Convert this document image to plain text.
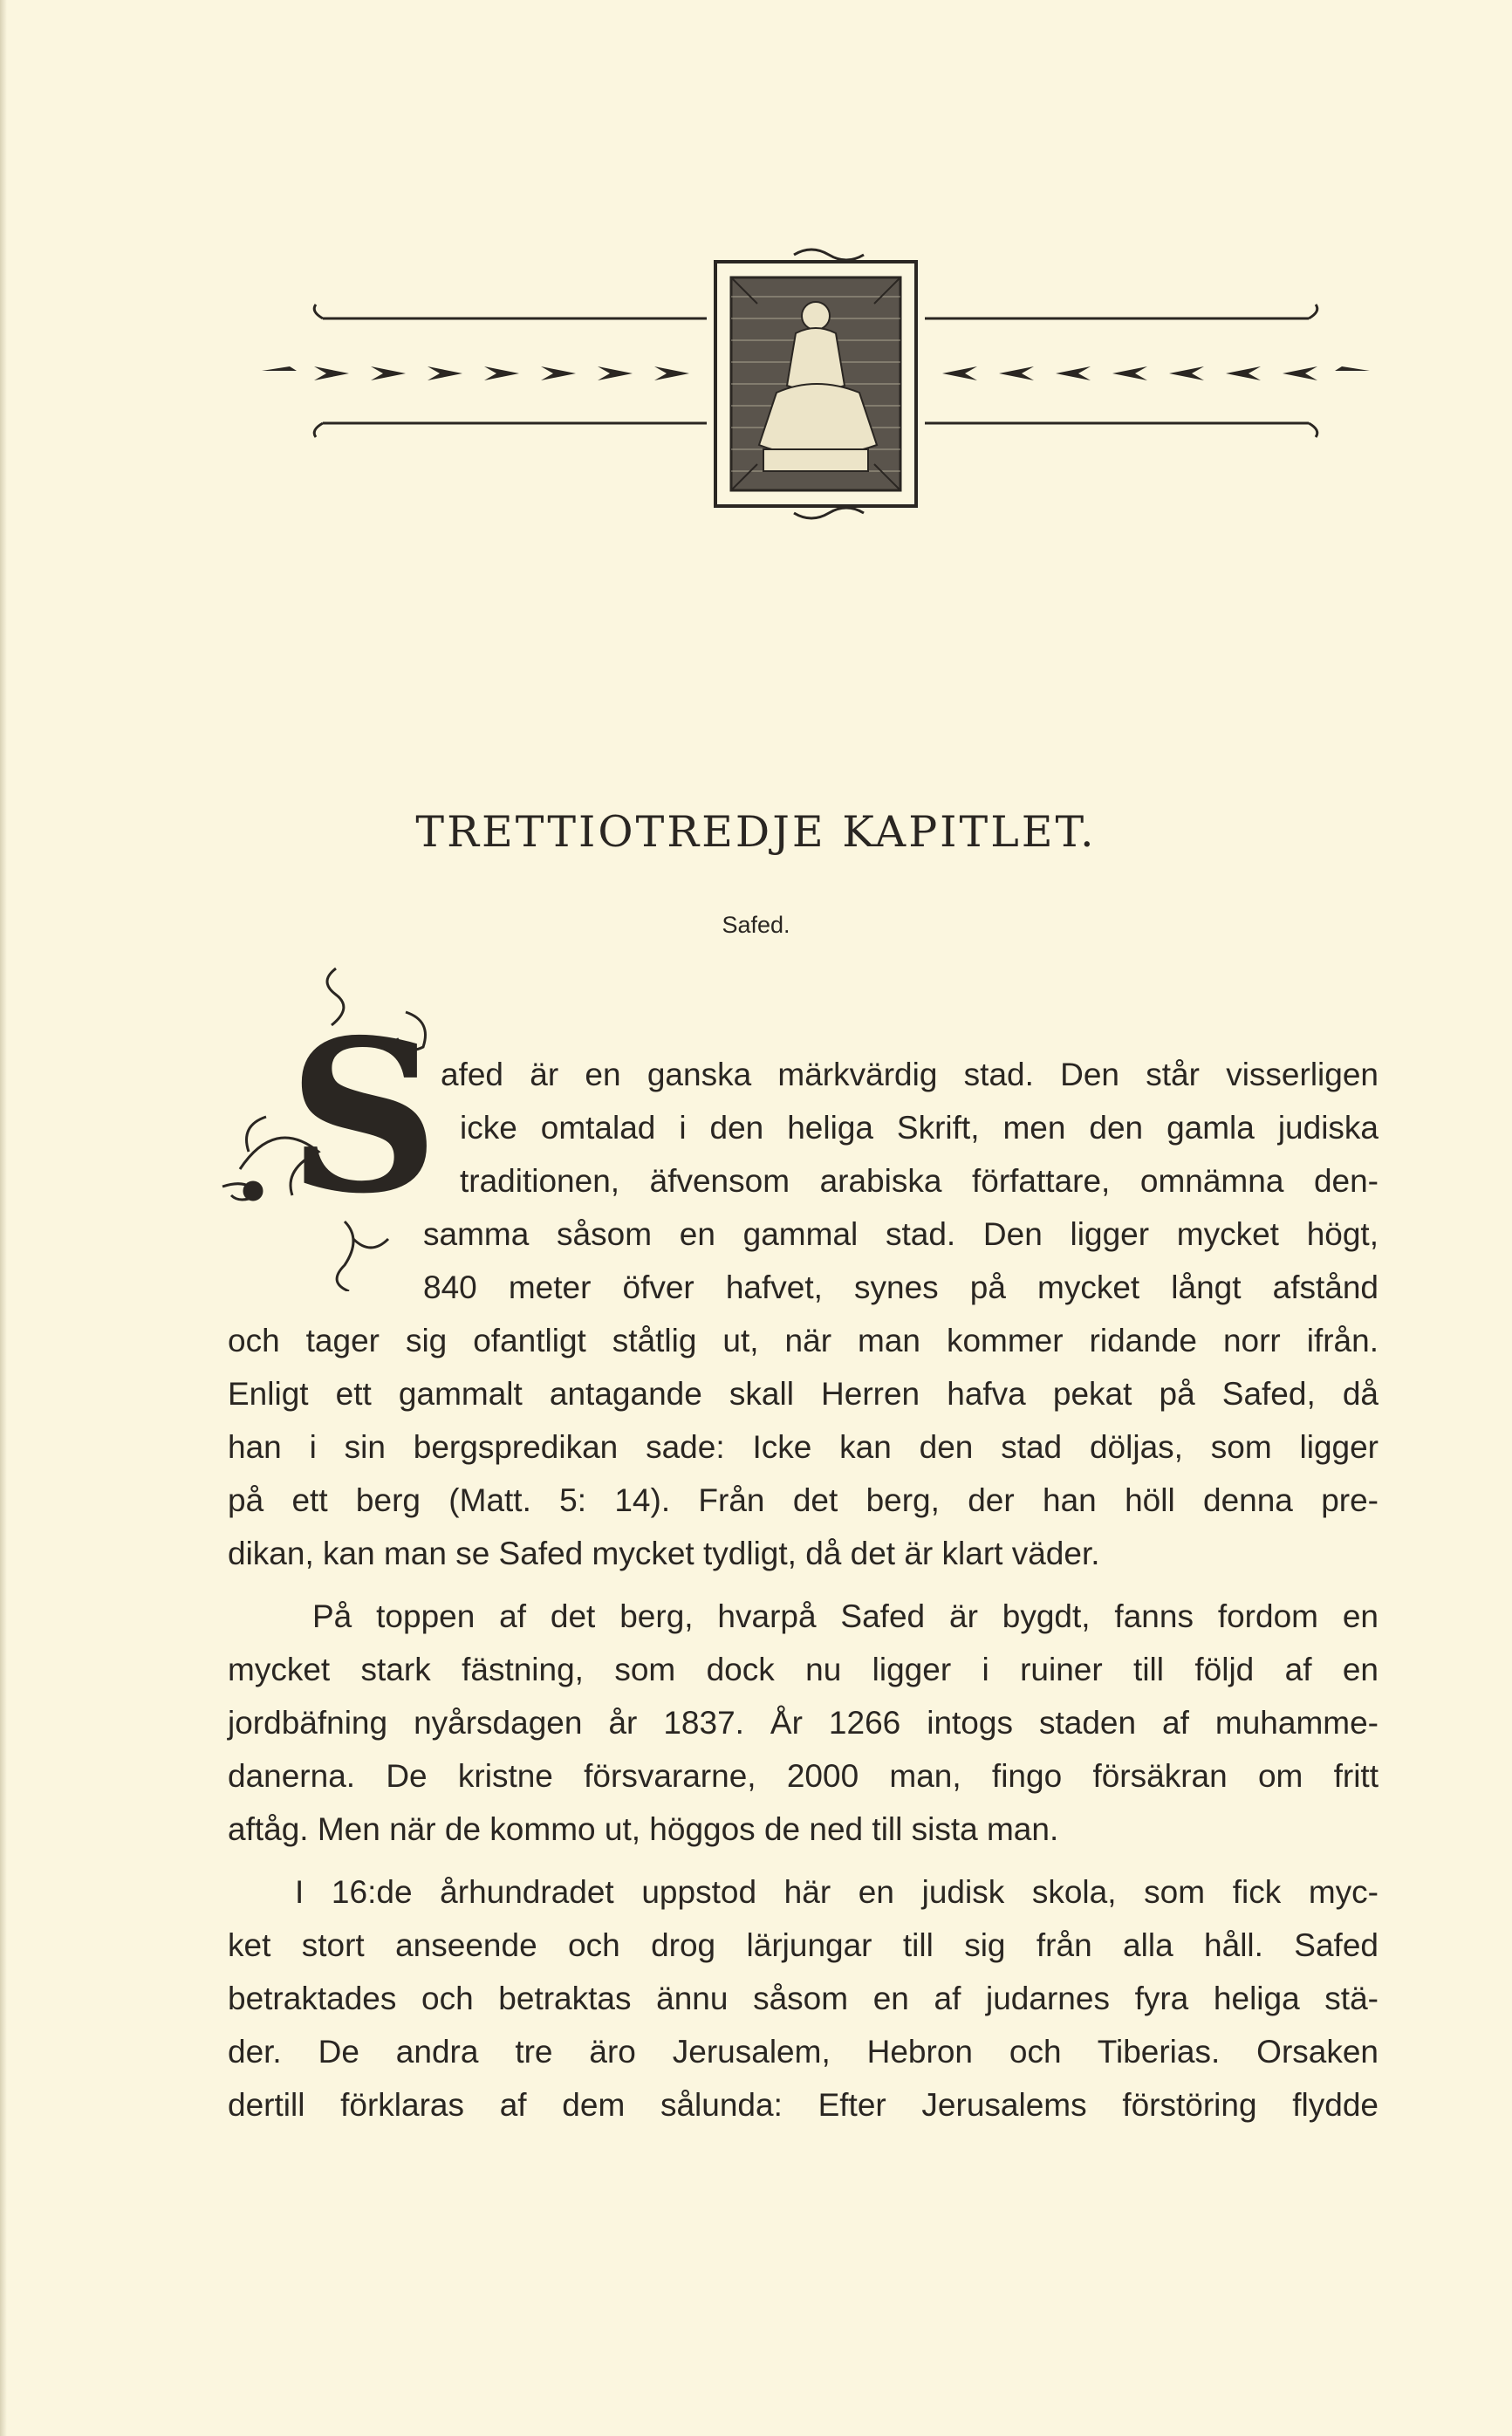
TRETTIOTREDJE KAPITLET.
Safed.
S afed är en ganska märkvärdig stad. Den står visserligen
icke omtalad i den heliga Skrift, men den gamla judiska
traditionen, äfvensom arabiska författare, omnämna den-
samma såsom en gammal stad. Den ligger mycket högt,
840 meter öfver hafvet, synes på mycket långt afstånd
och tager sig ofantligt ståtlig ut, när man kommer ridande norr ifrån.
Enligt ett gammalt antagande skall Herren hafva pekat på Safed, då
han i sin bergspredikan sade: Icke kan den stad döljas, som ligger
på ett berg (Matt. 5: 14). Från det berg, der han höll denna pre-
dikan, kan man se Safed mycket tydligt, då det är klart väder.
På toppen af det berg, hvarpå Safed är bygdt, fanns fordom en
mycket stark fästning, som dock nu ligger i ruiner till följd af en
jordbäfning nyårsdagen år 1837. År 1266 intogs staden af muhamme-
danerna. De kristne försvararne, 2000 man, fingo försäkran om fritt
aftåg. Men när de kommo ut, höggos de ned till sista man.
I 16:de århundradet uppstod här en judisk skola, som fick myc-
ket stort anseende och drog lärjungar till sig från alla håll. Safed
betraktades och betraktas ännu såsom en af judarnes fyra heliga stä-
der. De andra tre äro Jerusalem, Hebron och Tiberias. Orsaken
dertill förklaras af dem sålunda: Efter Jerusalems förstöring flydde
